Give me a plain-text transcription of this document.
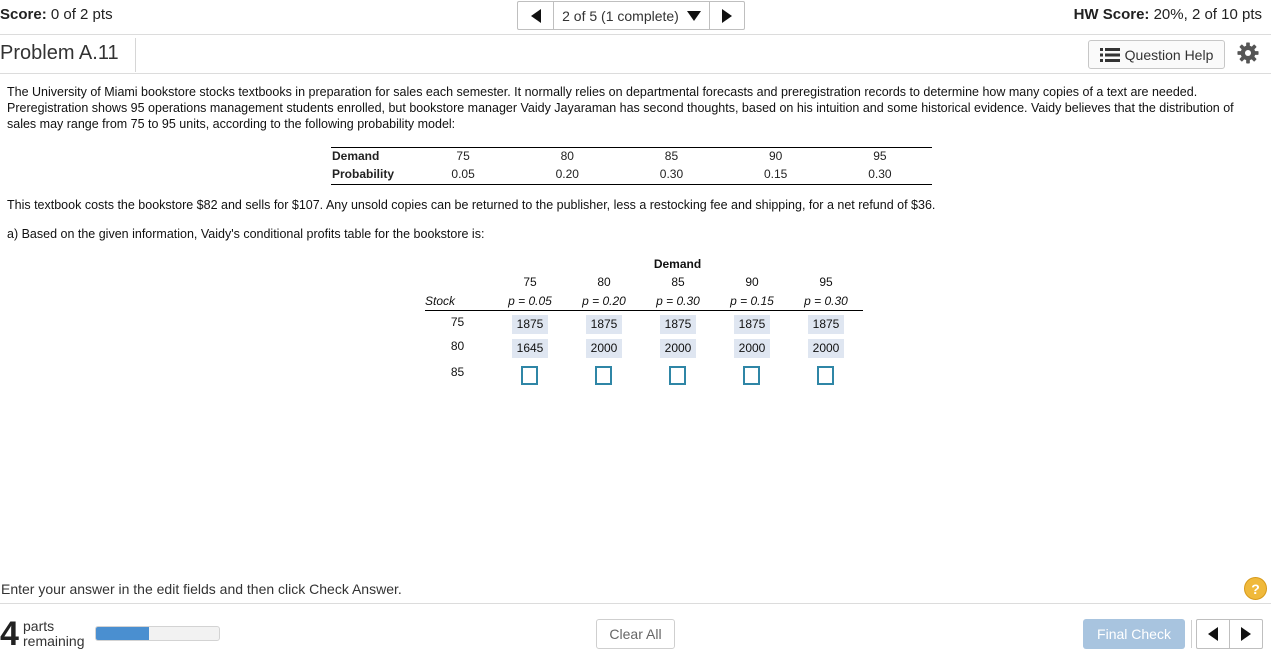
Score: 0 of 2 pts	2 of 5 (1 complete)	HW Score: 20%, 2 of 10 pts
Problem A.11	Question Help
The University of Miami bookstore stocks textbooks in preparation for sales each semester. It normally relies on departmental forecasts and preregistration records to determine how many copies of a text are needed. Preregistration shows 95 operations management students enrolled, but bookstore manager Vaidy Jayaraman has second thoughts, based on his intuition and some historical evidence. Vaidy believes that the distribution of sales may range from 75 to 95 units, according to the following probability model:
Demand	75	80	85	90	95
Probability	0.05	0.20	0.30	0.15	0.30
This textbook costs the bookstore $82 and sells for $107. Any unsold copies can be returned to the publisher, less a restocking fee and shipping, for a net refund of $36.
a) Based on the given information, Vaidy's conditional profits table for the bookstore is:
Demand
75	80	85	90	95
Stock	p = 0.05	p = 0.20	p = 0.30	p = 0.15	p = 0.30
75	1875	1875	1875	1875	1875
80	1645	2000	2000	2000	2000
85
Enter your answer in the edit fields and then click Check Answer.	?
4 parts
remaining	Clear All	Final Check
